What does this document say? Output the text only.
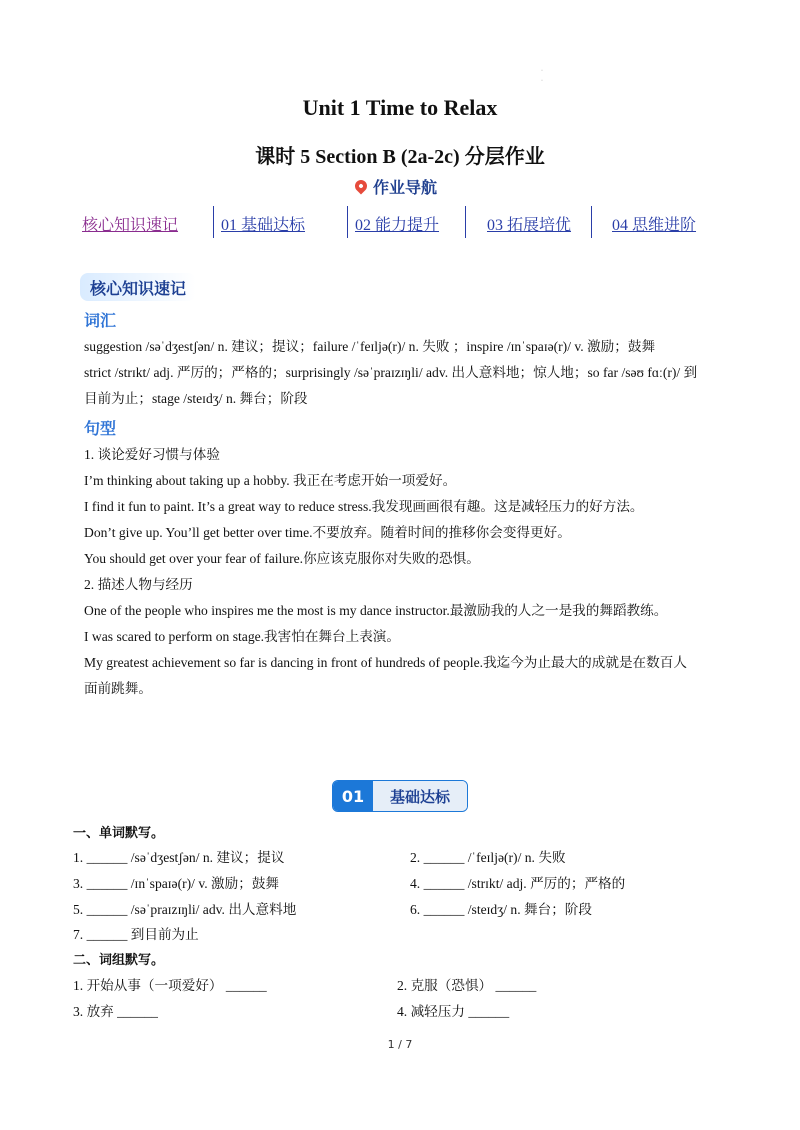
·
·
Unit 1 Time to Relax
课时 5 Section B (2a-2c) 分层作业
作业导航
核心知识速记	01 基础达标	02 能力提升	03 拓展培优	04 思维进阶
核心知识速记
词汇
suggestion /səˈdʒestʃən/ n. 建议；提议；failure /ˈfeɪljə(r)/ n. 失败 ；inspire /ɪnˈspaɪə(r)/ v. 激励；鼓舞
strict /strɪkt/ adj. 严厉的；严格的；surprisingly /səˈpraɪzɪŋli/ adv. 出人意料地；惊人地；so far /səʊ fɑː(r)/ 到
目前为止；stage /steɪdʒ/ n. 舞台；阶段
句型
1. 谈论爱好习惯与体验
I’m thinking about taking up a hobby. 我正在考虑开始一项爱好。
I find it fun to paint. It’s a great way to reduce stress.我发现画画很有趣。这是减轻压力的好方法。
Don’t give up. You’ll get better over time.不要放弃。随着时间的推移你会变得更好。
You should get over your fear of failure.你应该克服你对失败的恐惧。
2. 描述人物与经历
One of the people who inspires me the most is my dance instructor.最激励我的人之一是我的舞蹈教练。
I was scared to perform on stage.我害怕在舞台上表演。
My greatest achievement so far is dancing in front of hundreds of people.我迄今为止最大的成就是在数百人
面前跳舞。
01	基础达标
一、单词默写。
1. ______ /səˈdʒestʃən/ n. 建议；提议	2. ______ /ˈfeɪljə(r)/ n. 失败
3. ______ /ɪnˈspaɪə(r)/ v. 激励；鼓舞	4. ______ /strɪkt/ adj. 严厉的；严格的
5. ______ /səˈpraɪzɪŋli/ adv. 出人意料地	6. ______ /steɪdʒ/ n. 舞台；阶段
7. ______ 到目前为止
二、词组默写。
1. 开始从事（一项爱好） ______	2. 克服（恐惧） ______
3. 放弃 ______	4. 减轻压力 ______
1 / 7
